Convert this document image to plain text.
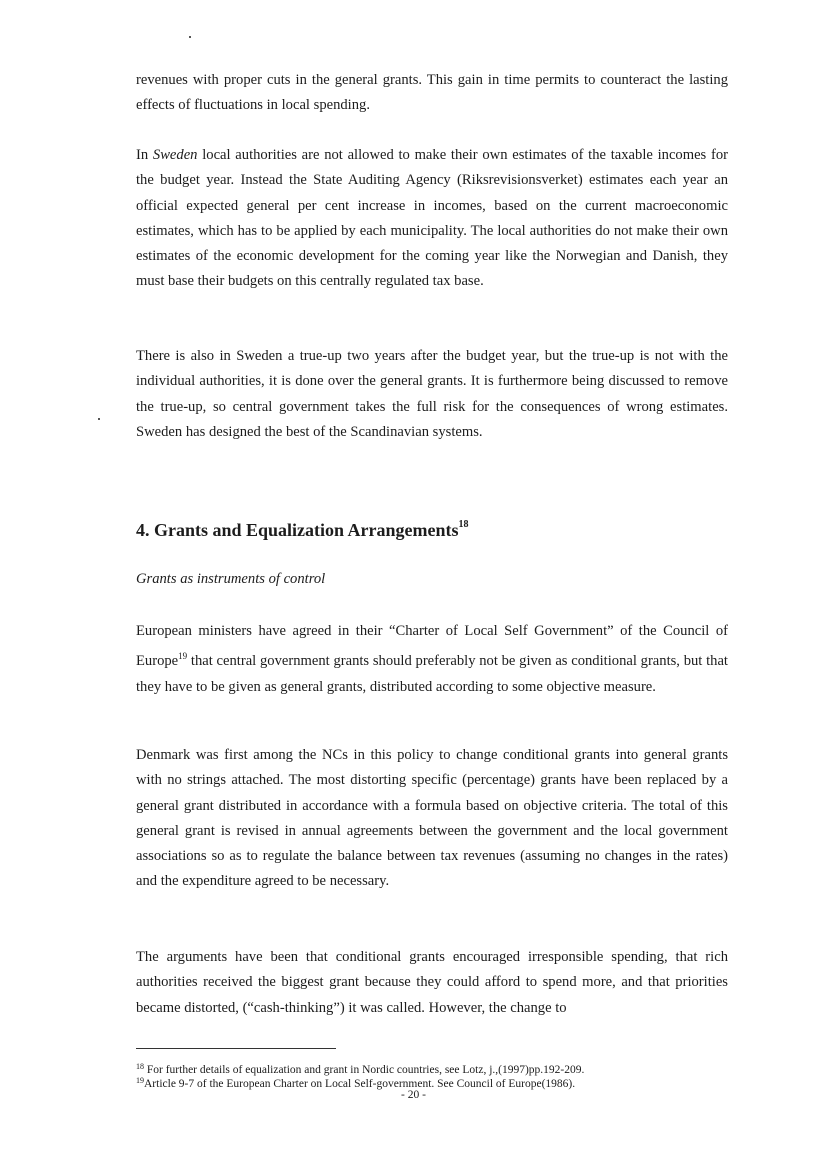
revenues with proper cuts in the general grants. This gain in time permits to counteract the lasting effects of fluctuations in local spending.

In Sweden local authorities are not allowed to make their own estimates of the taxable incomes for the budget year. Instead the State Auditing Agency (Riksrevisionsverket) estimates each year an official expected general per cent increase in incomes, based on the current macroeconomic estimates, which has to be applied by each municipality. The local authorities do not make their own estimates of the economic development for the coming year like the Norwegian and Danish, they must base their budgets on this centrally regulated tax base.

There is also in Sweden a true-up two years after the budget year, but the true-up is not with the individual authorities, it is done over the general grants. It is furthermore being discussed to remove the true-up, so central government takes the full risk for the consequences of wrong estimates. Sweden has designed the best of the Scandinavian systems.

4. Grants and Equalization Arrangements$^{18}$

Grants as instruments of control

European ministers have agreed in their “Charter of Local Self Government” of the Council of Europe$^{19}$ that central government grants should preferably not be given as conditional grants, but that they have to be given as general grants, distributed according to some objective measure.

Denmark was first among the NCs in this policy to change conditional grants into general grants with no strings attached. The most distorting specific (percentage) grants have been replaced by a general grant distributed in accordance with a formula based on objective criteria. The total of this general grant is revised in annual agreements between the government and the local government associations so as to regulate the balance between tax revenues (assuming no changes in the rates) and the expenditure agreed to be necessary.

The arguments have been that conditional grants encouraged irresponsible spending, that rich authorities received the biggest grant because they could afford to spend more, and that priorities became distorted, (“cash-thinking”) it was called. However, the change to

$^{18}$ For further details of equalization and grant in Nordic countries, see Lotz, j.,(1997)pp.192-209.

$^{19}$Article 9-7 of the European Charter on Local Self-government. See Council of Europe(1986).

- 20 -
